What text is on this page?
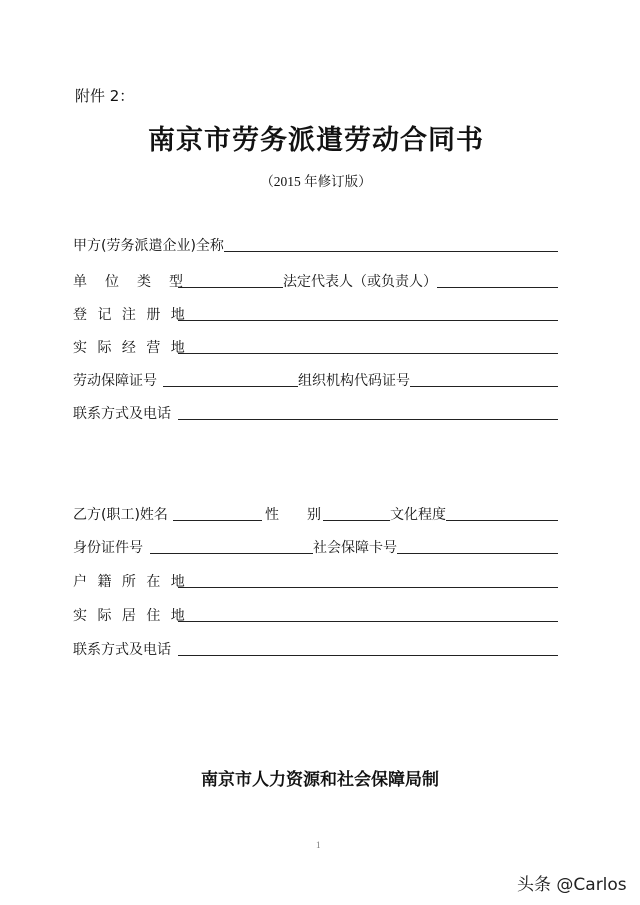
附件 2：
南京市劳务派遣劳动合同书
（2015 年修订版）
甲方(劳务派遣企业)全称
单　位　类　型	法定代表人（或负责人）
登 记 注 册 地
实 际 经 营 地
劳动保障证号	组织机构代码证号
联系方式及电话
乙方(职工)姓名	性　　别	文化程度
身份证件号	社会保障卡号
户 籍 所 在 地
实 际 居 住 地
联系方式及电话
南京市人力资源和社会保障局制
1
头条 @Carlos
